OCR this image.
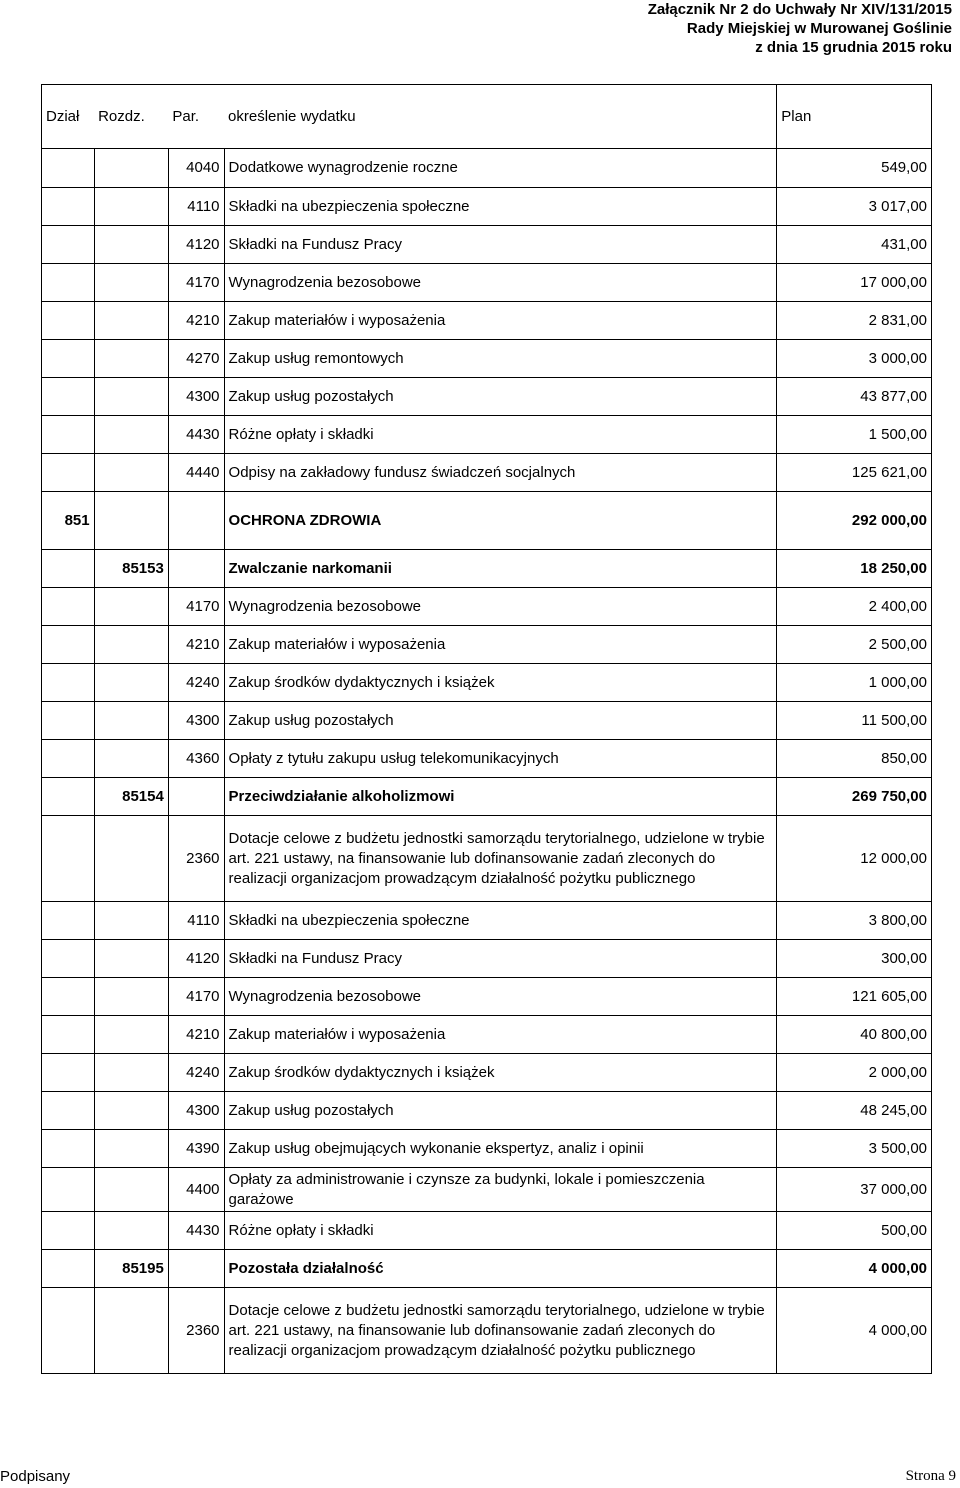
Załącznik Nr 2 do Uchwały Nr XIV/131/2015
Rady Miejskiej w Murowanej Goślinie
z dnia 15 grudnia 2015 roku
Dział	Rozdz.	Par.	określenie wydatku	Plan
		4040	Dodatkowe wynagrodzenie roczne	549,00
		4110	Składki na ubezpieczenia społeczne	3 017,00
		4120	Składki na Fundusz Pracy	431,00
		4170	Wynagrodzenia bezosobowe	17 000,00
		4210	Zakup materiałów i wyposażenia	2 831,00
		4270	Zakup usług remontowych	3 000,00
		4300	Zakup usług pozostałych	43 877,00
		4430	Różne opłaty i składki	1 500,00
		4440	Odpisy na zakładowy fundusz świadczeń socjalnych	125 621,00
851			OCHRONA ZDROWIA	292 000,00
	85153		Zwalczanie narkomanii	18 250,00
		4170	Wynagrodzenia bezosobowe	2 400,00
		4210	Zakup materiałów i wyposażenia	2 500,00
		4240	Zakup środków dydaktycznych i książek	1 000,00
		4300	Zakup usług pozostałych	11 500,00
		4360	Opłaty z tytułu zakupu usług telekomunikacyjnych	850,00
	85154		Przeciwdziałanie alkoholizmowi	269 750,00
		2360	Dotacje celowe z budżetu jednostki samorządu terytorialnego, udzielone w trybie art. 221 ustawy, na finansowanie lub dofinansowanie zadań zleconych do realizacji organizacjom prowadzącym działalność pożytku publicznego	12 000,00
		4110	Składki na ubezpieczenia społeczne	3 800,00
		4120	Składki na Fundusz Pracy	300,00
		4170	Wynagrodzenia bezosobowe	121 605,00
		4210	Zakup materiałów i wyposażenia	40 800,00
		4240	Zakup środków dydaktycznych i książek	2 000,00
		4300	Zakup usług pozostałych	48 245,00
		4390	Zakup usług obejmujących wykonanie ekspertyz, analiz i opinii	3 500,00
		4400	Opłaty za administrowanie i czynsze za budynki, lokale i pomieszczenia garażowe	37 000,00
		4430	Różne opłaty i składki	500,00
	85195		Pozostała działalność	4 000,00
		2360	Dotacje celowe z budżetu jednostki samorządu terytorialnego, udzielone w trybie art. 221 ustawy, na finansowanie lub dofinansowanie zadań zleconych do realizacji organizacjom prowadzącym działalność pożytku publicznego	4 000,00
Podpisany	Strona 9
